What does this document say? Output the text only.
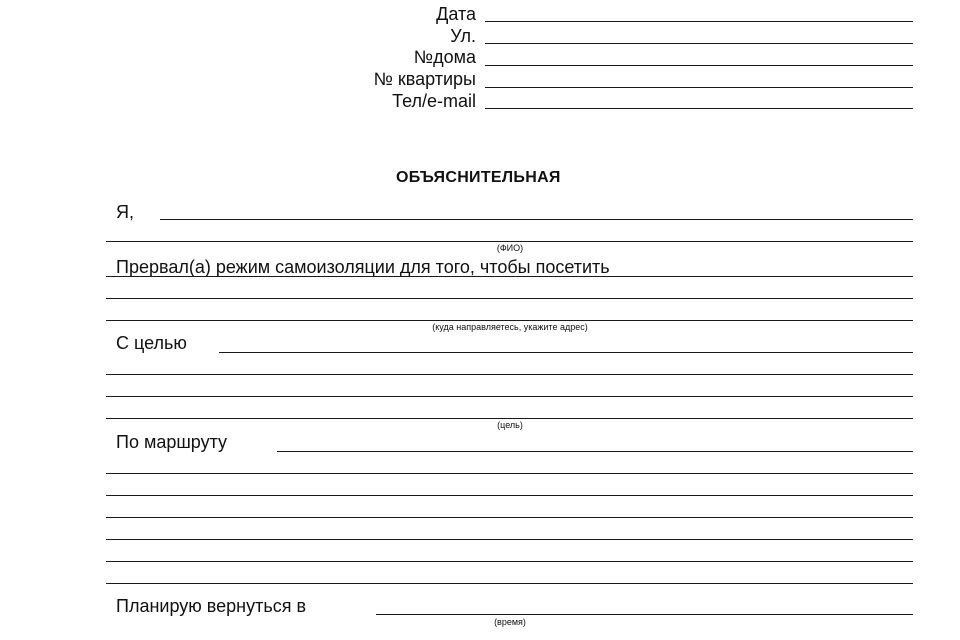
Дата
Ул.
№дома
№ квартиры
Тел/e-mail
ОБЪЯСНИТЕЛЬНАЯ
Я,
(ФИО)
Прервал(а) режим самоизоляции для того, чтобы посетить
(куда направляетесь, укажите адрес)
С целью
(цель)
По маршруту
Планирую вернуться в
(время)
